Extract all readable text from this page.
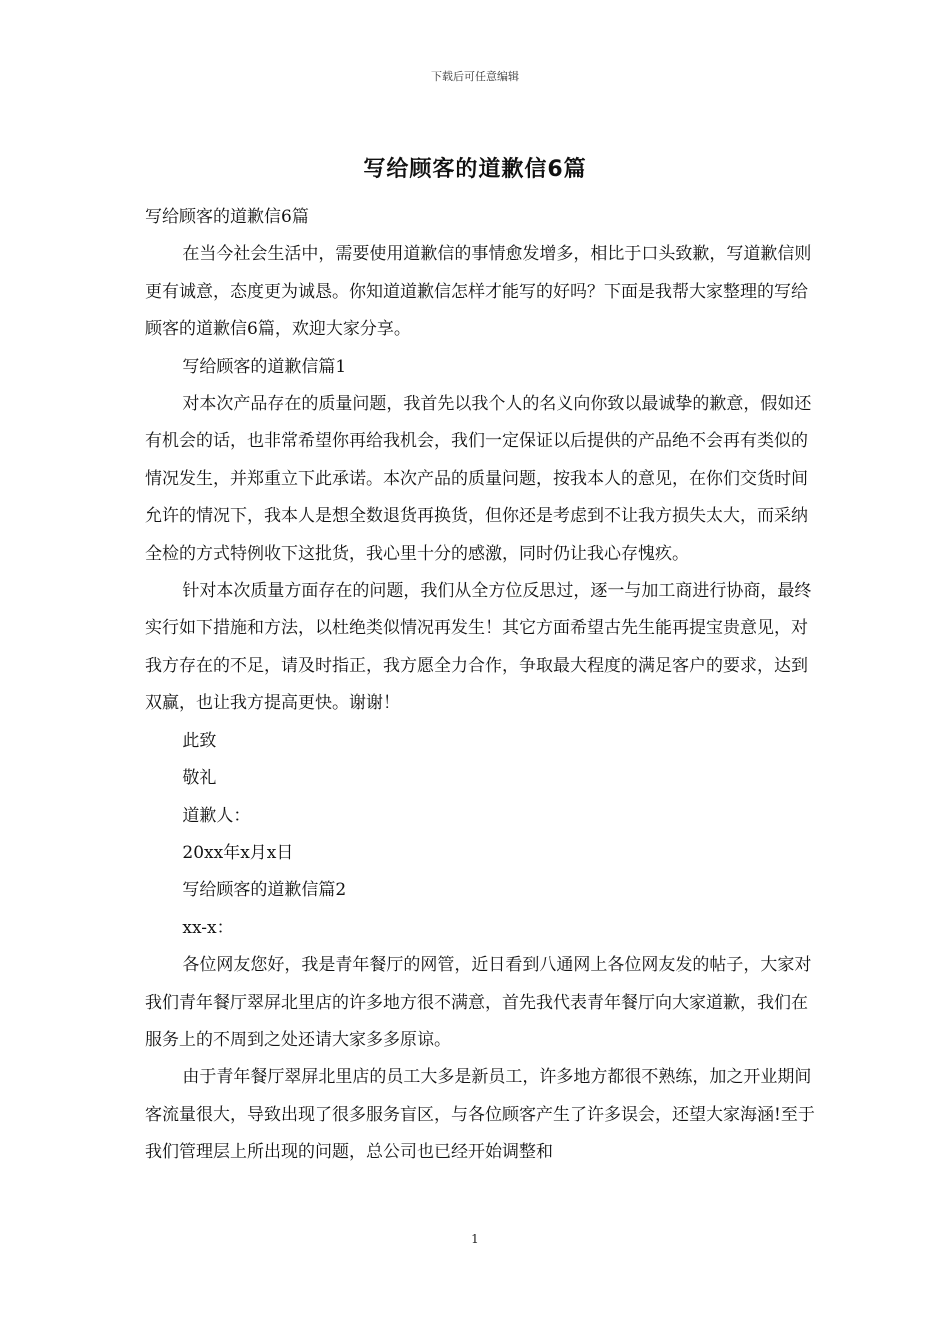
下载后可任意编辑
写给顾客的道歉信6篇

写给顾客的道歉信6篇

在当今社会生活中，需要使用道歉信的事情愈发增多，相比于口头致歉，写道歉信则更有诚意，态度更为诚恳。你知道道歉信怎样才能写的好吗？下面是我帮大家整理的写给顾客的道歉信6篇，欢迎大家分享。

写给顾客的道歉信篇1

对本次产品存在的质量问题，我首先以我个人的名义向你致以最诚挚的歉意，假如还有机会的话，也非常希望你再给我机会，我们一定保证以后提供的产品绝不会再有类似的情况发生，并郑重立下此承诺。本次产品的质量问题，按我本人的意见，在你们交货时间允许的情况下，我本人是想全数退货再换货，但你还是考虑到不让我方损失太大，而采纳全检的方式特例收下这批货，我心里十分的感激，同时仍让我心存愧疚。

针对本次质量方面存在的问题，我们从全方位反思过，逐一与加工商进行协商，最终实行如下措施和方法，以杜绝类似情况再发生！其它方面希望古先生能再提宝贵意见，对我方存在的不足，请及时指正，我方愿全力合作，争取最大程度的满足客户的要求，达到双赢，也让我方提高更快。谢谢！

此致

敬礼

道歉人：

20xx年x月x日

写给顾客的道歉信篇2

xx-x：

各位网友您好，我是青年餐厅的网管，近日看到八通网上各位网友发的帖子，大家对我们青年餐厅翠屏北里店的许多地方很不满意，首先我代表青年餐厅向大家道歉，我们在服务上的不周到之处还请大家多多原谅。

由于青年餐厅翠屏北里店的员工大多是新员工，许多地方都很不熟练，加之开业期间客流量很大，导致出现了很多服务盲区，与各位顾客产生了许多误会，还望大家海涵!至于我们管理层上所出现的问题，总公司也已经开始调整和

1
